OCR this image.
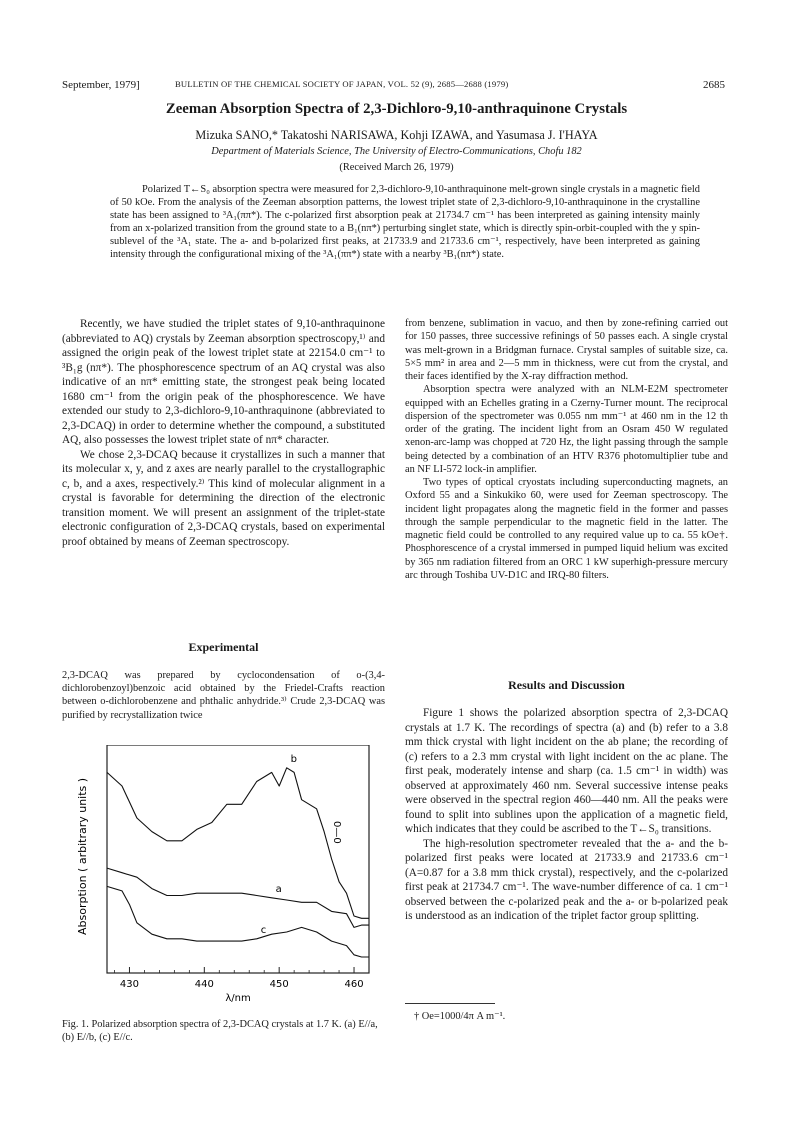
September, 1979]	BULLETIN OF THE CHEMICAL SOCIETY OF JAPAN, VOL. 52 (9), 2685—2688 (1979)	2685
Zeeman Absorption Spectra of 2,3-Dichloro-9,10-anthraquinone Crystals
Mizuka SANO,* Takatoshi NARISAWA, Kohji IZAWA, and Yasumasa J. I'HAYA
Department of Materials Science, The University of Electro-Communications, Chofu 182
(Received March 26, 1979)
Polarized T←S₀ absorption spectra were measured for 2,3-dichloro-9,10-anthraquinone melt-grown single crystals in a magnetic field of 50 kOe. From the analysis of the Zeeman absorption patterns, the lowest triplet state of 2,3-dichloro-9,10-anthraquinone in the crystalline state has been assigned to ³A₁(ππ*). The c-polarized first absorption peak at 21734.7 cm⁻¹ has been interpreted as gaining intensity mainly from an x-polarized transition from the ground state to a B₁(nπ*) perturbing singlet state, which is directly spin-orbit-coupled with the y spin-sublevel of the ³A₁ state. The a- and b-polarized first peaks, at 21733.9 and 21733.6 cm⁻¹, respectively, have been interpreted as gaining intensity through the configurational mixing of the ³A₁(ππ*) state with a nearby ³B₁(nπ*) state.

Recently, we have studied the triplet states of 9,10-anthraquinone (abbreviated to AQ) crystals by Zeeman absorption spectroscopy,¹⁾ and assigned the origin peak of the lowest triplet state at 22154.0 cm⁻¹ to ³B₁g (nπ*). The phosphorescence spectrum of an AQ crystal was also indicative of an nπ* emitting state, the strongest peak being located 1680 cm⁻¹ from the origin peak of the phosphorescence. We have extended our study to 2,3-dichloro-9,10-anthraquinone (abbreviated to 2,3-DCAQ) in order to determine whether the compound, a substituted AQ, also possesses the lowest triplet state of nπ* character.

We chose 2,3-DCAQ because it crystallizes in such a manner that its molecular x, y, and z axes are nearly parallel to the crystallographic c, b, and a axes, respectively.²⁾ This kind of molecular alignment in a crystal is favorable for determining the direction of the electronic transition moment. We will present an assignment of the triplet-state electronic configuration of 2,3-DCAQ crystals, based on experimental proof obtained by means of Zeeman spectroscopy.

Experimental
2,3-DCAQ was prepared by cyclocondensation of o-(3,4-dichlorobenzoyl)benzoic acid obtained by the Friedel-Crafts reaction between o-dichlorobenzene and phthalic anhydride.³⁾ Crude 2,3-DCAQ was purified by recrystallization twice

from benzene, sublimation in vacuo, and then by zone-refining carried out for 150 passes, three successive refinings of 50 passes each. A single crystal was melt-grown in a Bridgman furnace. Crystal samples of suitable size, ca. 5×5 mm² in area and 2—5 mm in thickness, were cut from the crystal, and their faces identified by the X-ray diffraction method.

Absorption spectra were analyzed with an NLM-E2M spectrometer equipped with an Echelles grating in a Czerny-Turner mount. The reciprocal dispersion of the spectrometer was 0.055 nm mm⁻¹ at 460 nm in the 12 th order of the grating. The incident light from an Osram 450 W regulated xenon-arc-lamp was chopped at 720 Hz, the light passing through the sample being detected by a combination of an HTV R376 photomultiplier tube and an NF LI-572 lock-in amplifier.

Two types of optical cryostats including superconducting magnets, an Oxford 55 and a Sinkukiko 60, were used for Zeeman spectroscopy. The incident light propagates along the magnetic field in the former and passes through the sample perpendicular to the magnetic field in the latter. The magnetic field could be controlled to any required value up to ca. 55 kOe†. Phosphorescence of a crystal immersed in pumped liquid helium was excited by 365 nm radiation filtered from an ORC 1 kW superhigh-pressure mercury arc through Toshiba UV-D1C and IRQ-80 filters.

Results and Discussion

Figure 1 shows the polarized absorption spectra of 2,3-DCAQ crystals at 1.7 K. The recordings of spectra (a) and (b) refer to a 3.8 mm thick crystal with light incident on the ab plane; the recording of (c) refers to a 2.3 mm crystal with light incident on the ac plane. The first peak, moderately intense and sharp (ca. 1.5 cm⁻¹ in width) was observed at approximately 460 nm. Several successive intense peaks were observed in the spectral region 460—440 nm. All the peaks were found to split into sublines upon the application of a magnetic field, which indicates that they could be ascribed to the T←S₀ transitions.

The high-resolution spectrometer revealed that the a- and the b-polarized first peaks were located at 21733.9 and 21733.6 cm⁻¹ (A=0.87 for a 3.8 mm thick crystal), respectively, and the c-polarized first peak at 21734.7 cm⁻¹. The wave-number difference of ca. 1 cm⁻¹ observed between the c-polarized peak and the a- or b-polarized peak is understood as an indication of the triplet factor group splitting.

† Oe=1000/4π A m⁻¹.
430	440	450	460
a
b
c
Absorption ( arbitrary units )
λ/nm
0—0
Fig. 1. Polarized absorption spectra of 2,3-DCAQ crystals at 1.7 K. (a) E//a, (b) E//b, (c) E//c.
